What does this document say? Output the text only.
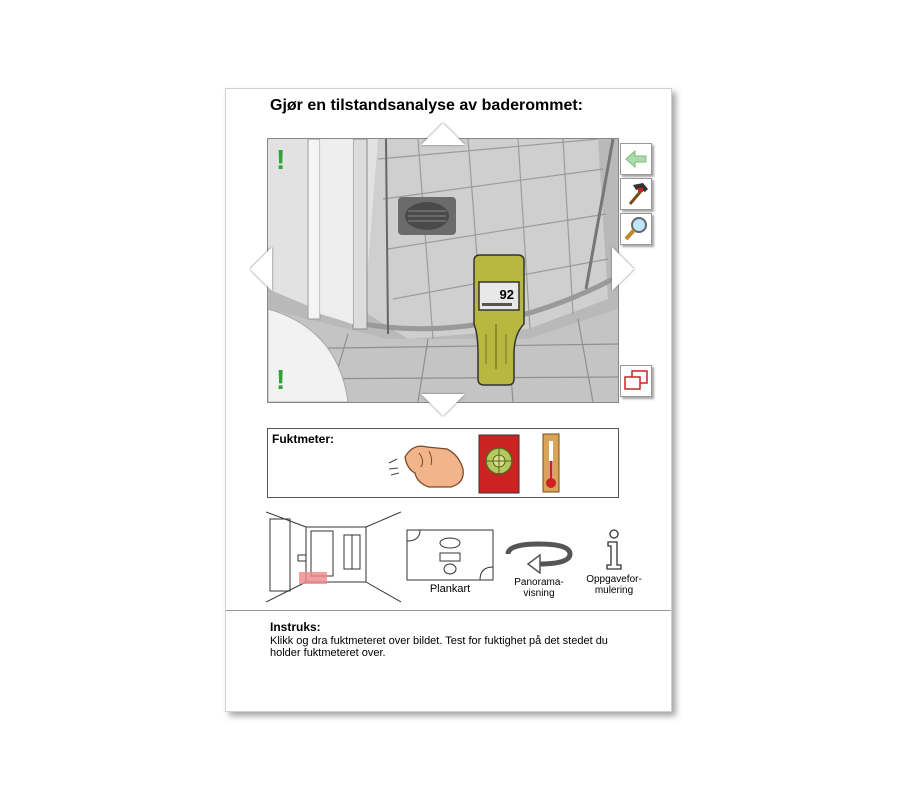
Gjør en tilstandsanalyse av baderommet:
!
!
92
Fuktmeter:
Plankart
Panorama-
visning
Oppgavefor-
mulering
Instruks:
Klikk og dra fuktmeteret over bildet. Test for fuktighet på det stedet du holder fuktmeteret over.
